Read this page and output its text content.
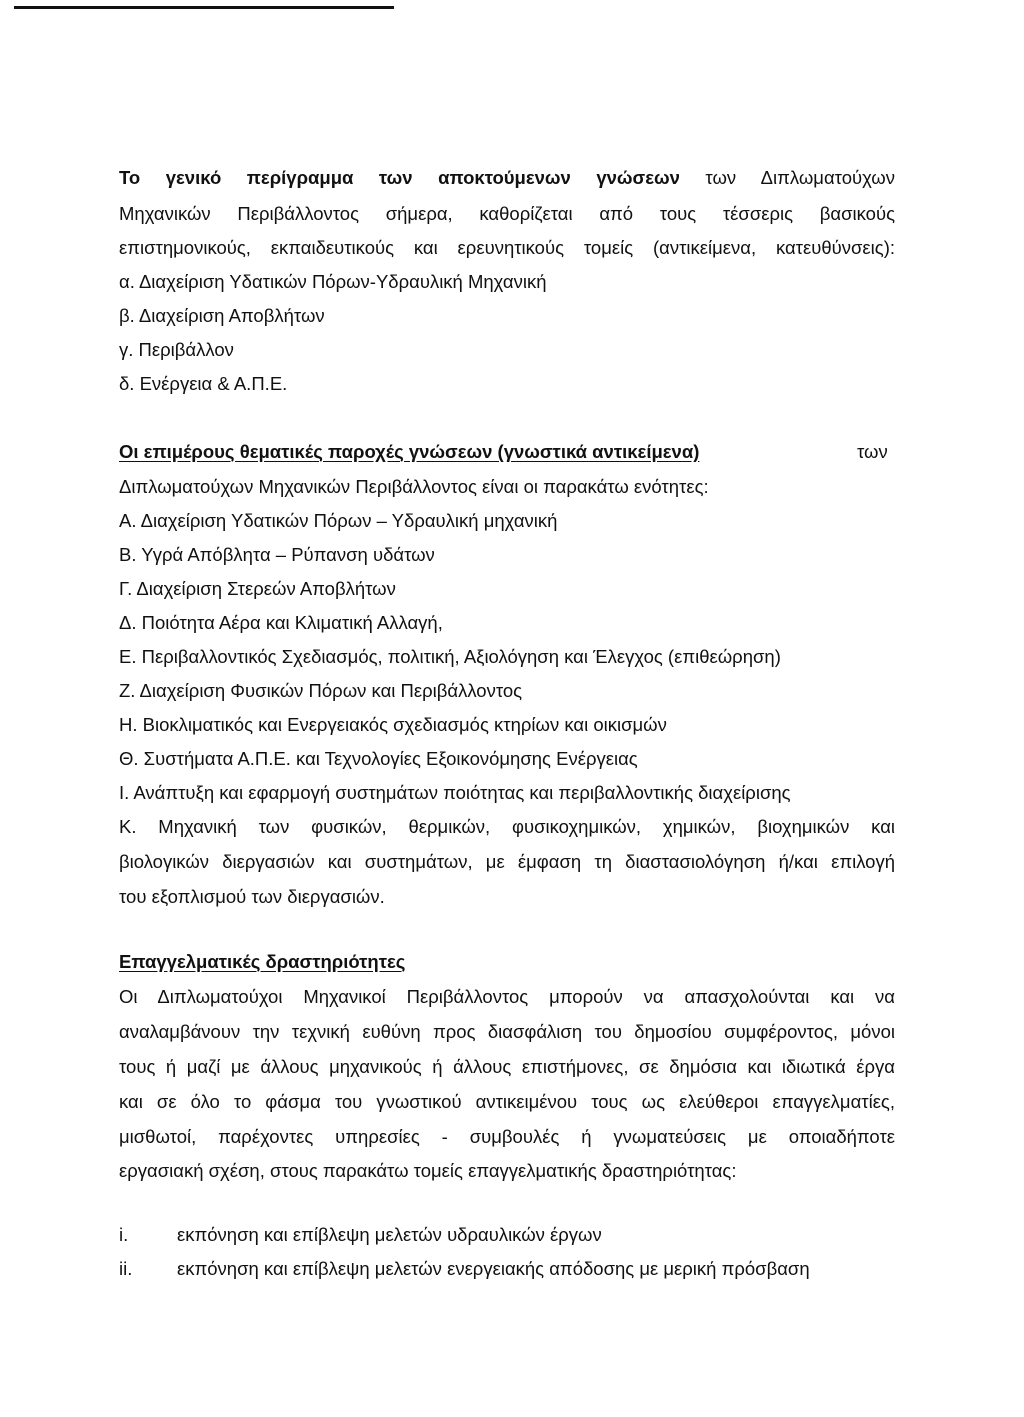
Το γενικό περίγραμμα των αποκτούμενων γνώσεων των Διπλωματούχων
Μηχανικών Περιβάλλοντος σήμερα, καθορίζεται από τους τέσσερις βασικούς
επιστημονικούς, εκπαιδευτικούς και ερευνητικούς τομείς (αντικείμενα, κατευθύνσεις):
α. Διαχείριση Υδατικών Πόρων-Υδραυλική Μηχανική
β. Διαχείριση Αποβλήτων
γ. Περιβάλλον
δ. Ενέργεια & Α.Π.Ε.
Οι επιμέρους θεματικές παροχές γνώσεων (γνωστικά αντικείμενα)	των
Διπλωματούχων Μηχανικών Περιβάλλοντος είναι οι παρακάτω ενότητες:
Α. Διαχείριση Υδατικών Πόρων – Υδραυλική μηχανική
Β. Υγρά Απόβλητα – Ρύπανση υδάτων
Γ. Διαχείριση Στερεών Αποβλήτων
Δ. Ποιότητα Αέρα και Κλιματική Αλλαγή,
Ε. Περιβαλλοντικός Σχεδιασμός, πολιτική, Αξιολόγηση και Έλεγχος (επιθεώρηση)
Ζ. Διαχείριση Φυσικών Πόρων και Περιβάλλοντος
Η. Βιοκλιματικός και Ενεργειακός σχεδιασμός κτηρίων και οικισμών
Θ. Συστήματα Α.Π.Ε. και Τεχνολογίες Εξοικονόμησης Ενέργειας
Ι. Ανάπτυξη και εφαρμογή συστημάτων ποιότητας και περιβαλλοντικής διαχείρισης
Κ. Μηχανική των φυσικών, θερμικών, φυσικοχημικών, χημικών, βιοχημικών και
βιολογικών διεργασιών και συστημάτων, με έμφαση τη διαστασιολόγηση ή/και επιλογή
του εξοπλισμού των διεργασιών.
Επαγγελματικές δραστηριότητες
Οι Διπλωματούχοι Μηχανικοί Περιβάλλοντος μπορούν να απασχολούνται και να
αναλαμβάνουν την τεχνική ευθύνη προς διασφάλιση του δημοσίου συμφέροντος, μόνοι
τους ή μαζί με άλλους μηχανικούς ή άλλους επιστήμονες, σε δημόσια και ιδιωτικά έργα
και σε όλο το φάσμα του γνωστικού αντικειμένου τους ως ελεύθεροι επαγγελματίες,
μισθωτοί, παρέχοντες υπηρεσίες - συμβουλές ή γνωματεύσεις με οποιαδήποτε
εργασιακή σχέση, στους παρακάτω τομείς επαγγελματικής δραστηριότητας:
i.	εκπόνηση και επίβλεψη μελετών υδραυλικών έργων
ii. εκπόνηση και επίβλεψη μελετών ενεργειακής απόδοσης με μερική πρόσβαση
